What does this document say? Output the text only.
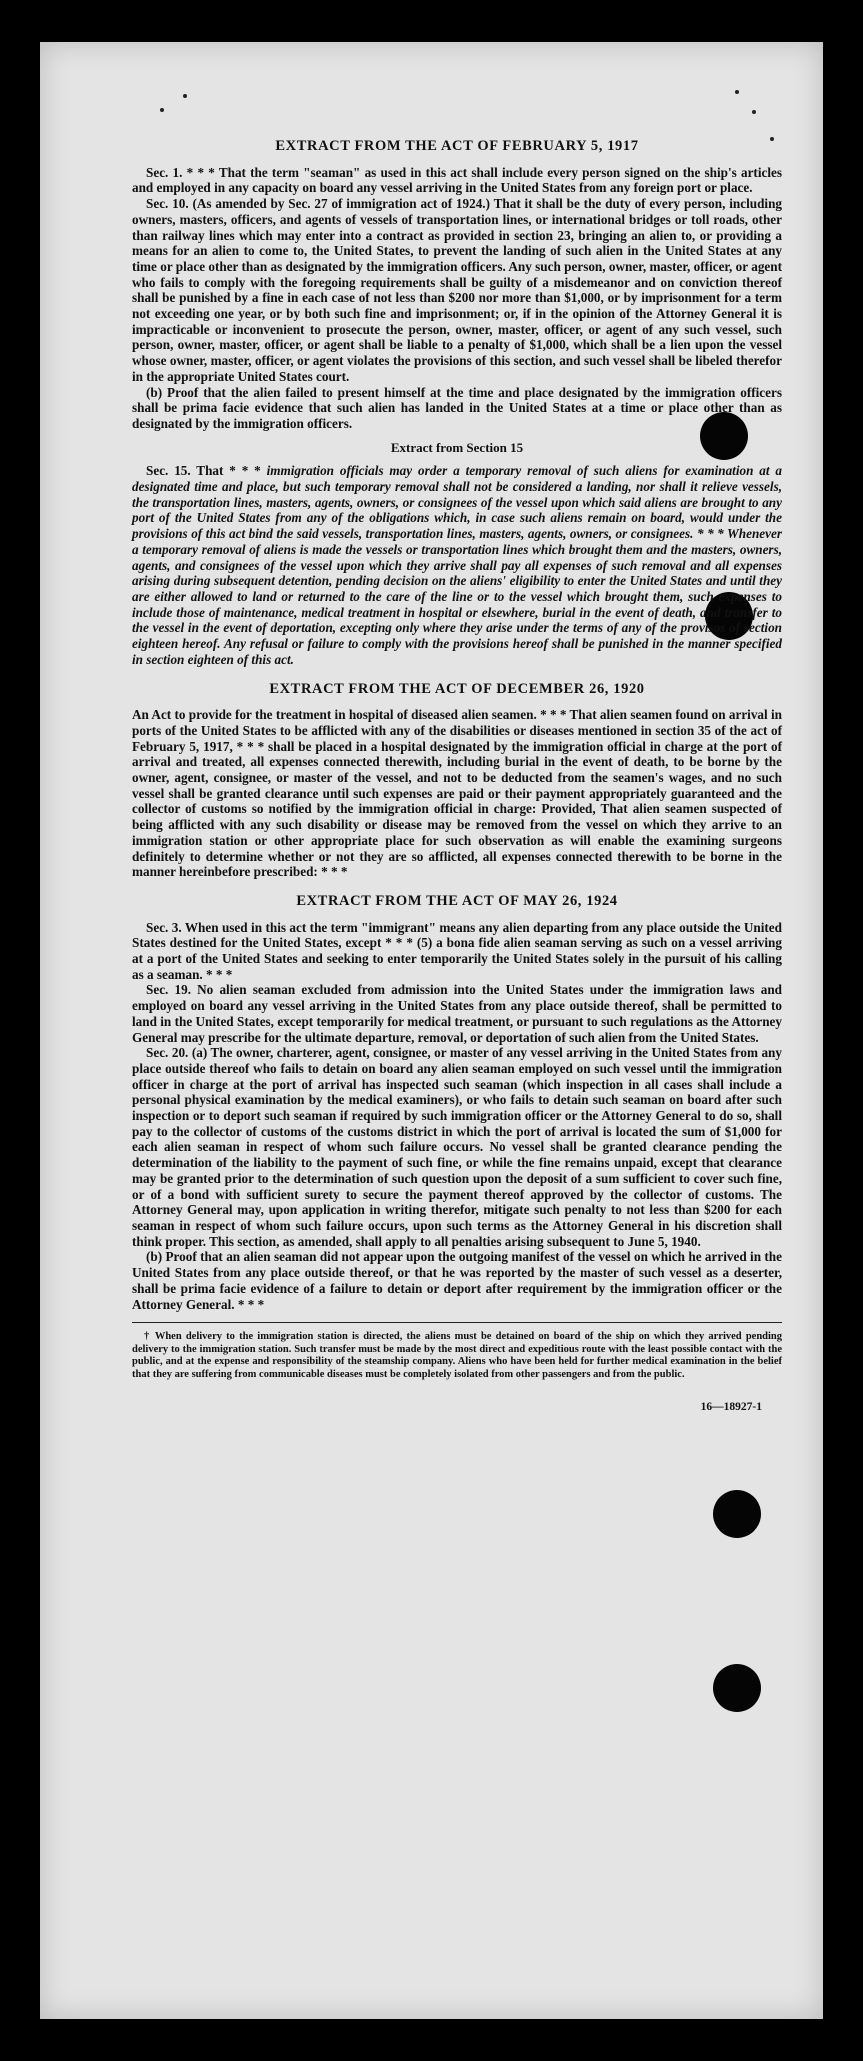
EXTRACT FROM THE ACT OF FEBRUARY 5, 1917

Sec. 1. * * * That the term "seaman" as used in this act shall include every person signed on the ship's articles and employed in any capacity on board any vessel arriving in the United States from any foreign port or place.

Sec. 10. (As amended by Sec. 27 of immigration act of 1924.) That it shall be the duty of every person, including owners, masters, officers, and agents of vessels of transportation lines, or international bridges or toll roads, other than railway lines which may enter into a contract as provided in section 23, bringing an alien to, or providing a means for an alien to come to, the United States, to prevent the landing of such alien in the United States at any time or place other than as designated by the immigration officers. Any such person, owner, master, officer, or agent who fails to comply with the foregoing requirements shall be guilty of a misdemeanor and on conviction thereof shall be punished by a fine in each case of not less than $200 nor more than $1,000, or by imprisonment for a term not exceeding one year, or by both such fine and imprisonment; or, if in the opinion of the Attorney General it is impracticable or inconvenient to prosecute the person, owner, master, officer, or agent of any such vessel, such person, owner, master, officer, or agent shall be liable to a penalty of $1,000, which shall be a lien upon the vessel whose owner, master, officer, or agent violates the provisions of this section, and such vessel shall be libeled therefor in the appropriate United States court.

(b) Proof that the alien failed to present himself at the time and place designated by the immigration officers shall be prima facie evidence that such alien has landed in the United States at a time or place other than as designated by the immigration officers.

Extract from Section 15

Sec. 15. That * * * immigration officials may order a temporary removal of such aliens for examination at a designated time and place, but such temporary removal shall not be considered a landing, nor shall it relieve vessels, the transportation lines, masters, agents, owners, or consignees of the vessel upon which said aliens are brought to any port of the United States from any of the obligations which, in case such aliens remain on board, would under the provisions of this act bind the said vessels, transportation lines, masters, agents, owners, or consignees. * * * Whenever a temporary removal of aliens is made the vessels or transportation lines which brought them and the masters, owners, agents, and consignees of the vessel upon which they arrive shall pay all expenses of such removal and all expenses arising during subsequent detention, pending decision on the aliens' eligibility to enter the United States and until they are either allowed to land or returned to the care of the line or to the vessel which brought them, such expenses to include those of maintenance, medical treatment in hospital or elsewhere, burial in the event of death, and transfer to the vessel in the event of deportation, excepting only where they arise under the terms of any of the provisos of section eighteen hereof. Any refusal or failure to comply with the provisions hereof shall be punished in the manner specified in section eighteen of this act.

EXTRACT FROM THE ACT OF DECEMBER 26, 1920

An Act to provide for the treatment in hospital of diseased alien seamen. * * * That alien seamen found on arrival in ports of the United States to be afflicted with any of the disabilities or diseases mentioned in section 35 of the act of February 5, 1917, * * * shall be placed in a hospital designated by the immigration official in charge at the port of arrival and treated, all expenses connected therewith, including burial in the event of death, to be borne by the owner, agent, consignee, or master of the vessel, and not to be deducted from the seamen's wages, and no such vessel shall be granted clearance until such expenses are paid or their payment appropriately guaranteed and the collector of customs so notified by the immigration official in charge: Provided, That alien seamen suspected of being afflicted with any such disability or disease may be removed from the vessel on which they arrive to an immigration station or other appropriate place for such observation as will enable the examining surgeons definitely to determine whether or not they are so afflicted, all expenses connected therewith to be borne in the manner hereinbefore prescribed: * * *

EXTRACT FROM THE ACT OF MAY 26, 1924

Sec. 3. When used in this act the term "immigrant" means any alien departing from any place outside the United States destined for the United States, except * * * (5) a bona fide alien seaman serving as such on a vessel arriving at a port of the United States and seeking to enter temporarily the United States solely in the pursuit of his calling as a seaman. * * *

Sec. 19. No alien seaman excluded from admission into the United States under the immigration laws and employed on board any vessel arriving in the United States from any place outside thereof, shall be permitted to land in the United States, except temporarily for medical treatment, or pursuant to such regulations as the Attorney General may prescribe for the ultimate departure, removal, or deportation of such alien from the United States.

Sec. 20. (a) The owner, charterer, agent, consignee, or master of any vessel arriving in the United States from any place outside thereof who fails to detain on board any alien seaman employed on such vessel until the immigration officer in charge at the port of arrival has inspected such seaman (which inspection in all cases shall include a personal physical examination by the medical examiners), or who fails to detain such seaman on board after such inspection or to deport such seaman if required by such immigration officer or the Attorney General to do so, shall pay to the collector of customs of the customs district in which the port of arrival is located the sum of $1,000 for each alien seaman in respect of whom such failure occurs. No vessel shall be granted clearance pending the determination of the liability to the payment of such fine, or while the fine remains unpaid, except that clearance may be granted prior to the determination of such question upon the deposit of a sum sufficient to cover such fine, or of a bond with sufficient surety to secure the payment thereof approved by the collector of customs. The Attorney General may, upon application in writing therefor, mitigate such penalty to not less than $200 for each seaman in respect of whom such failure occurs, upon such terms as the Attorney General in his discretion shall think proper. This section, as amended, shall apply to all penalties arising subsequent to June 5, 1940.

(b) Proof that an alien seaman did not appear upon the outgoing manifest of the vessel on which he arrived in the United States from any place outside thereof, or that he was reported by the master of such vessel as a deserter, shall be prima facie evidence of a failure to detain or deport after requirement by the immigration officer or the Attorney General. * * *

† When delivery to the immigration station is directed, the aliens must be detained on board of the ship on which they arrived pending delivery to the immigration station. Such transfer must be made by the most direct and expeditious route with the least possible contact with the public, and at the expense and responsibility of the steamship company. Aliens who have been held for further medical examination in the belief that they are suffering from communicable diseases must be completely isolated from other passengers and from the public.

16—18927-1
